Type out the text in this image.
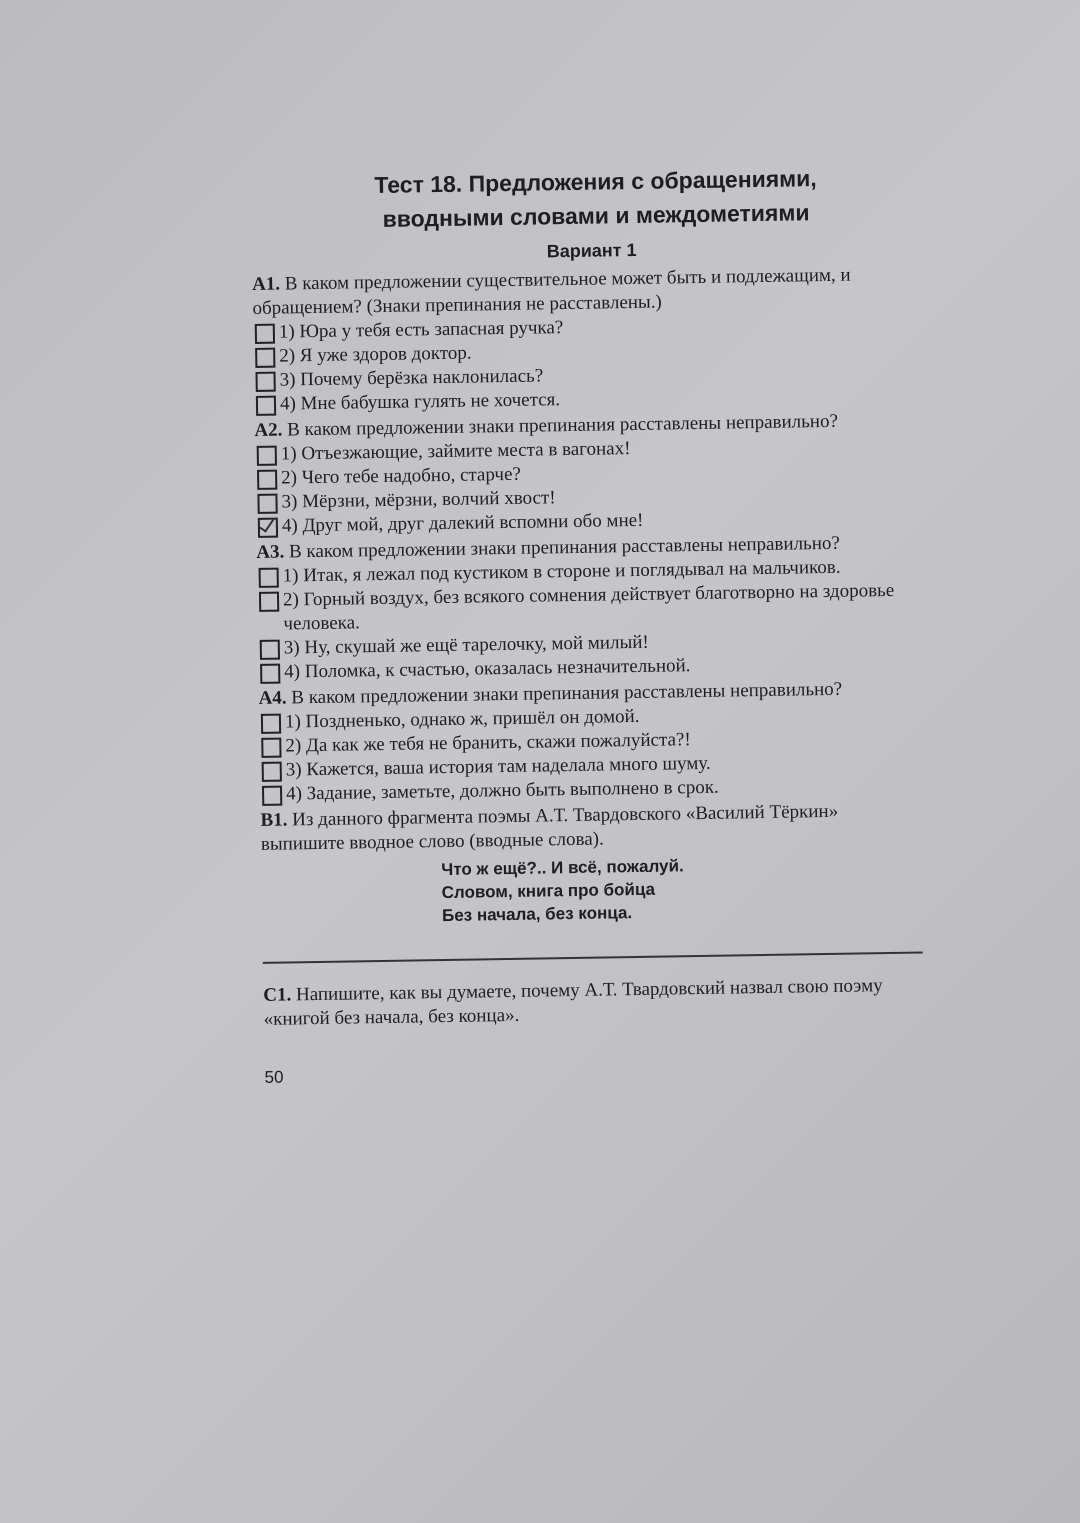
Тест 18. Предложения с обращениями,
вводными словами и междометиями
Вариант 1

A1. В каком предложении существительное может быть и подлежащим, и обращением? (Знаки препинания не расставлены.)

1) Юра у тебя есть запасная ручка?
2) Я уже здоров доктор.
3) Почему берёзка наклонилась?
4) Мне бабушка гулять не хочется.

A2. В каком предложении знаки препинания расставлены неправильно?

1) Отъезжающие, займите места в вагонах!
2) Чего тебе надобно, старче?
3) Мёрзни, мёрзни, волчий хвост!
4) Друг мой, друг далекий вспомни обо мне!

A3. В каком предложении знаки препинания расставлены неправильно?

1) Итак, я лежал под кустиком в стороне и поглядывал на мальчиков.
2) Горный воздух, без всякого сомнения действует благотворно на здоровье человека.
3) Ну, скушай же ещё тарелочку, мой милый!
4) Поломка, к счастью, оказалась незначительной.

A4. В каком предложении знаки препинания расставлены неправильно?

1) Поздненько, однако ж, пришёл он домой.
2) Да как же тебя не бранить, скажи пожалуйста?!
3) Кажется, ваша история там наделала много шуму.
4) Задание, заметьте, должно быть выполнено в срок.

B1. Из данного фрагмента поэмы А.Т. Твардовского «Василий Тёркин» выпишите вводное слово (вводные слова).

Что ж ещё?.. И всё, пожалуй.
Словом, книга про бойца
Без начала, без конца.

С1. Напишите, как вы думаете, почему А.Т. Твардовский назвал свою поэму «книгой без начала, без конца».

50
